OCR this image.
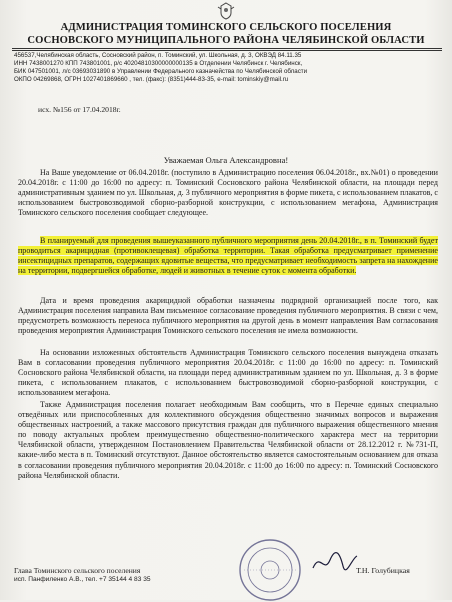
АДМИНИСТРАЦИЯ ТОМИНСКОГО СЕЛЬСКОГО ПОСЕЛЕНИЯ
СОСНОВСКОГО МУНИЦИПАЛЬНОГО РАЙОНА ЧЕЛЯБИНСКОЙ ОБЛАСТИ
456537,Челябинская область, Сосновский район, п. Томинский, ул. Школьная, д. 3, ОКВЭД 84.11.35
ИНН 7438001270 КПП 743801001, р/с 40204810300000000135 в Отделении Челябинск г. Челябинск,
БИК 047501001, л/с 03693031890 в Управлении Федерального казначейства по Челябинской области
ОКПО 04269868, ОГРН 1027401869660 , тел. (факс): (8351)444-83-35, e-mail: tominskiy@mail.ru
исх. №156 от 17.04.2018г.
Уважаемая Ольга Александровна!
На Ваше уведомление от 06.04.2018г. (поступило в Администрацию поселения 06.04.2018г., вх.№01) о проведении 20.04.2018г. с 11:00 до 16:00 по адресу: п. Томинский Сосновского района Челябинской области, на площади перед административным зданием по ул. Школьная, д. 3 публичного мероприятия в форме пикета, с использованием плакатов, с использованием быстровозводимой сборно-разборной конструкции, с использованием мегафона, Администрация Томинского сельского поселения сообщает следующее.
В планируемый для проведения вышеуказанного публичного мероприятия день 20.04.2018г., в п. Томинский будет проводиться акарицидная (противоклещевая) обработка территории. Такая обработка предусматривает применение инсектицидных препаратов, содержащих ядовитые вещества, что предусматривает необходимость запрета на нахождение на территории, подвергшейся обработке, людей и животных в течение суток с момента обработки.
Дата и время проведения акарицидной обработки назначены подрядной организацией после того, как Администрация поселения направила Вам письменное согласование проведения публичного мероприятия. В связи с чем, предусмотреть возможность переноса публичного мероприятия на другой день в момент направления Вам согласования проведения мероприятия Администрация Томинского сельского поселения не имела возможности.
На основании изложенных обстоятельств Администрация Томинского сельского поселения вынуждена отказать Вам в согласовании проведения публичного мероприятия 20.04.2018г. с 11:00 до 16:00 по адресу: п. Томинский Сосновского района Челябинской области, на площади перед административным зданием по ул. Школьная, д. 3 в форме пикета, с использованием плакатов, с использованием быстровозводимой сборно-разборной конструкции, с использованием мегафона.
Также Администрация поселения полагает необходимым Вам сообщить, что в Перечне единых специально отведённых или приспособленных для коллективного обсуждения общественно значимых вопросов и выражения общественных настроений, а также массового присутствия граждан для публичного выражения общественного мнения по поводу актуальных проблем преимущественно общественно-политического характера мест на территории Челябинской области, утвержденном Постановлением Правительства Челябинской области от 28.12.2012 г. №731-П, какие-либо места в п. Томинский отсутствуют. Данное обстоятельство является самостоятельным основанием для отказа в согласовании проведения публичного мероприятия 20.04.2018г. с 11:00 до 16:00 по адресу: п. Томинский Сосновского района Челябинской области.
Глава Томинского сельского поселения
исп. Панфиленко А.В., тел. +7 35144 4 83 35
Т.Н. Голубицкая
